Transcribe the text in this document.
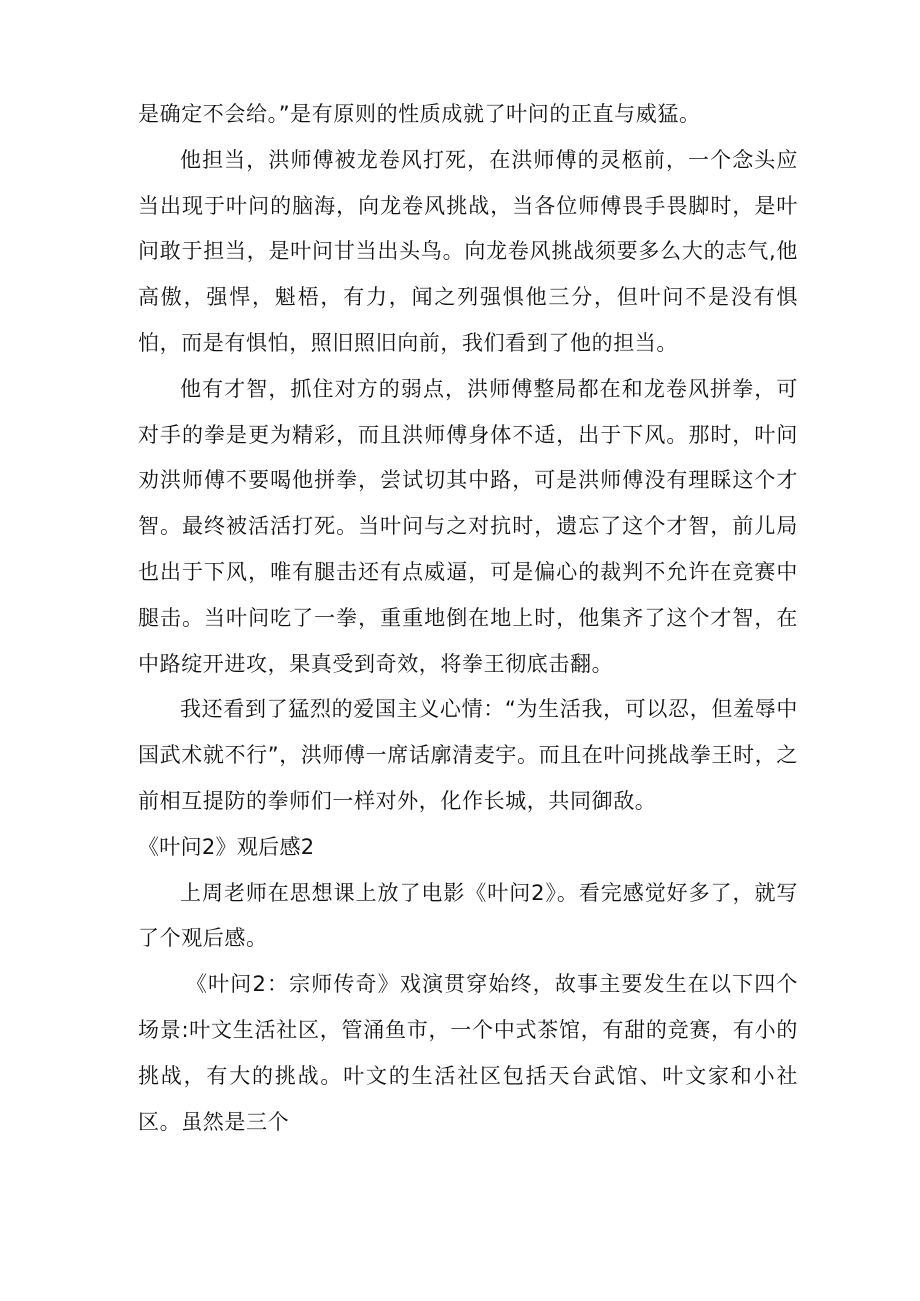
是确定不会给。”是有原则的性质成就了叶问的正直与威猛。

他担当，洪师傅被龙卷风打死，在洪师傅的灵柩前，一个念头应当出现于叶问的脑海，向龙卷风挑战，当各位师傅畏手畏脚时，是叶问敢于担当，是叶问甘当出头鸟。向龙卷风挑战须要多么大的志气,他高傲，强悍，魁梧，有力，闻之列强惧他三分，但叶问不是没有惧怕，而是有惧怕，照旧照旧向前，我们看到了他的担当。

他有才智，抓住对方的弱点，洪师傅整局都在和龙卷风拼拳，可对手的拳是更为精彩，而且洪师傅身体不适，出于下风。那时，叶问劝洪师傅不要喝他拼拳，尝试切其中路，可是洪师傅没有理睬这个才智。最终被活活打死。当叶问与之对抗时，遗忘了这个才智，前儿局也出于下风，唯有腿击还有点威逼，可是偏心的裁判不允许在竞赛中腿击。当叶问吃了一拳，重重地倒在地上时，他集齐了这个才智，在中路绽开进攻，果真受到奇效，将拳王彻底击翻。

我还看到了猛烈的爱国主义心情：“为生活我，可以忍，但羞辱中国武术就不行”，洪师傅一席话廓清麦宇。而且在叶问挑战拳王时，之前相互提防的拳师们一样对外，化作长城，共同御敌。

《叶问2》观后感2

上周老师在思想课上放了电影《叶问2》。看完感觉好多了，就写了个观后感。

《叶问2：宗师传奇》戏演贯穿始终，故事主要发生在以下四个场景:叶文生活社区，管涌鱼市，一个中式茶馆，有甜的竞赛，有小的挑战，有大的挑战。叶文的生活社区包括天台武馆、叶文家和小社区。虽然是三个
